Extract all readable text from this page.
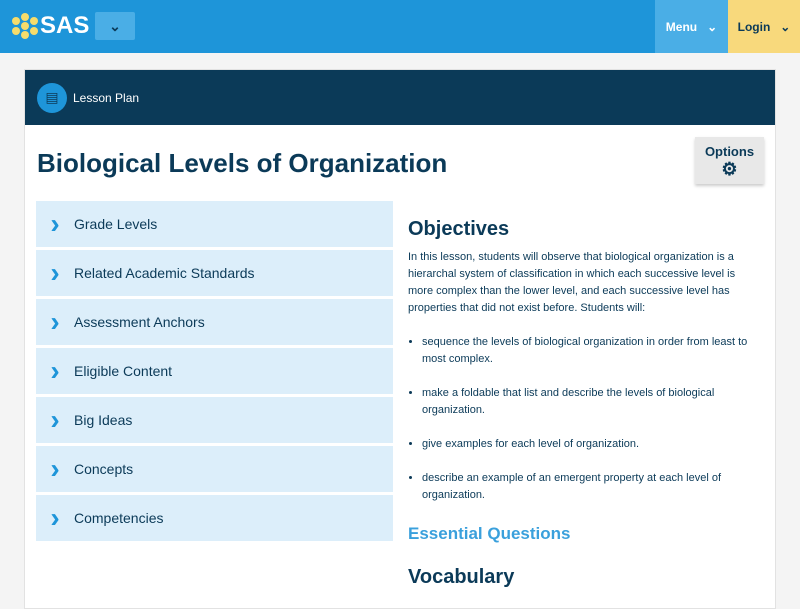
SAS	⌄	Menu ⌄ Login ⌄
▤	Lesson Plan
Biological Levels of Organization	Options
⚙
›	Grade Levels
›	Related Academic Standards
›	Assessment Anchors
›	Eligible Content
›	Big Ideas
›	Concepts
›	Competencies
Objectives

In this lesson, students will observe that biological organization is a hierarchal system of classification in which each successive level is more complex than the lower level, and each successive level has properties that did not exist before. Students will:

• sequence the levels of biological organization in order from least to most complex.
• make a foldable that list and describe the levels of biological organization.
• give examples for each level of organization.
• describe an example of an emergent property at each level of organization.
Essential Questions
Vocabulary
